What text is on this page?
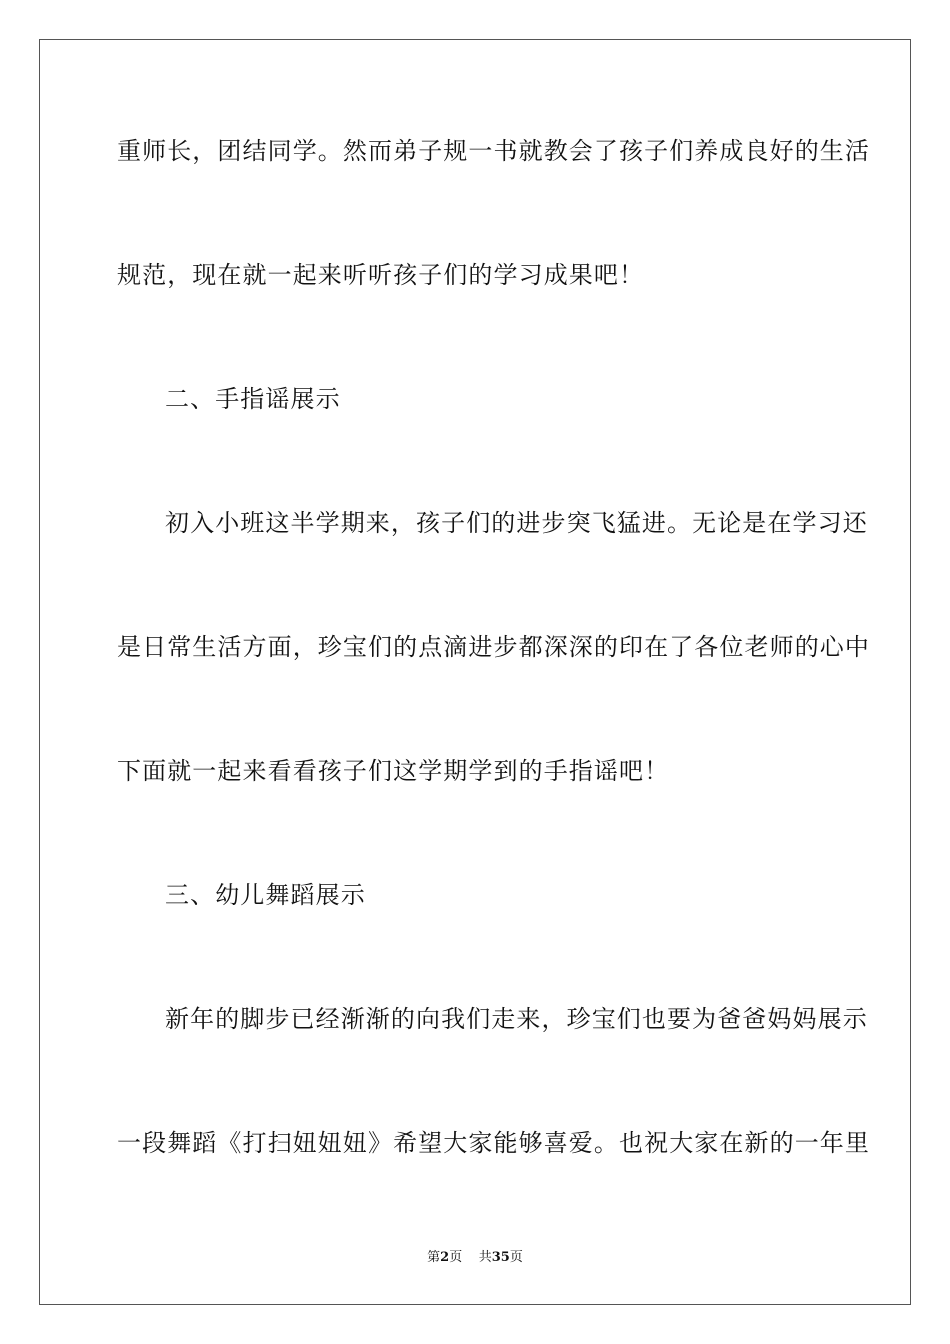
重师长，团结同学。然而弟子规一书就教会了孩子们养成良好的生活
规范，现在就一起来听听孩子们的学习成果吧！
二、手指谣展示
初入小班这半学期来，孩子们的进步突飞猛进。无论是在学习还
是日常生活方面，珍宝们的点滴进步都深深的印在了各位老师的心中
下面就一起来看看孩子们这学期学到的手指谣吧！
三、幼儿舞蹈展示
新年的脚步已经渐渐的向我们走来，珍宝们也要为爸爸妈妈展示
一段舞蹈《打扫妞妞妞》希望大家能够喜爱。也祝大家在新的一年里
第2页 共35页
